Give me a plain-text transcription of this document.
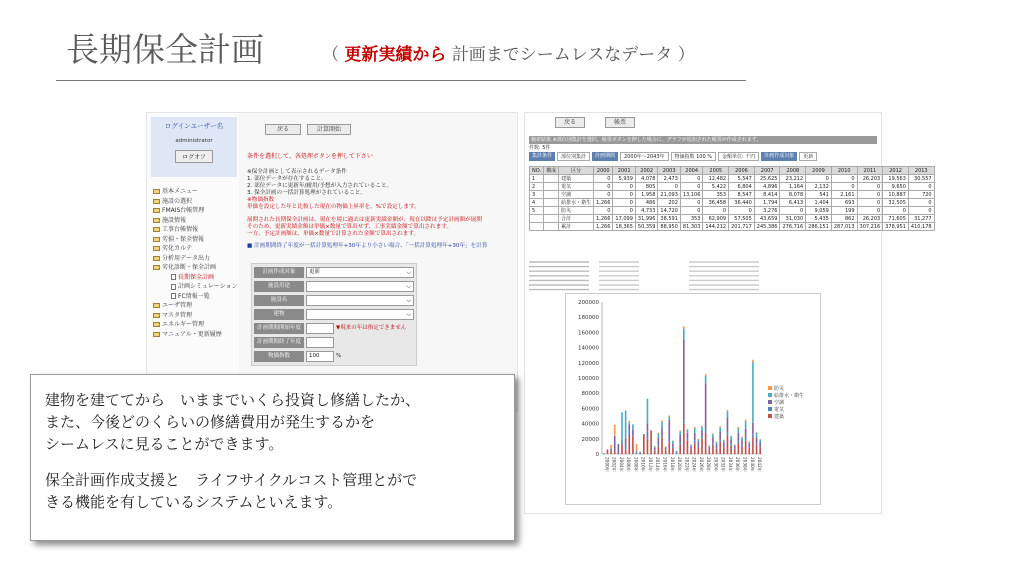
長期保全計画	（ 更新実績から 計画までシームレスなデータ ）
ログインユーザー名
administrator
ログオフ
基本メニュー
施設の選択
FMAIS台帳管理
施設情報
工事台帳情報
劣損・保全情報
劣化カルテ
分析用データ出力
劣化診断・保全計画
長期保全計画
計画シミュレーション
FC情報一覧
ユーザ管理
マスタ管理
エネルギー管理
マニュアル・更新履歴
戻る	計算開始
条件を選択して、各処理ボタンを押して下さい
※保全計画として表示されるデータ条件
1. 部位データが存在すること。
2. 部位データに更新年/耐用/予想が入力されていること。
3. 保全計画の一括計算処理がされていること。
※物価指数
単価を設定した年と比較した現在の物価上昇率を、%で設定します。
展開された長期保全計画は、現在を境に過去は更新実績金額が、現在以降は予定計画額が展開
そのため、更新実績金額は単価×数量で算出せず、工事実績金額で算出されます。
一方、予定計画額は、単価×数量で計算された金額で算出されます。
■ 計画期間終了年度が一括計算処理年+30年より小さい場合、「一括計算処理年+30年」を計算
計画作成対象	更新	⌵
施設用途	⌵
施設名	⌵
建物	⌵
計画期間開始年度	▼現来の年は指定できません
計画期間終了年度
物価指数	100	%
戻る	帳票
検索結果 ※部位別集計を選択、帳票ボタンを押した場合に、グラフが追加された帳票が作成されます。
件数: 5件
集計条件	部位別集計	計画期間	2000年〜2043年	物価指数 100 %	金額単位: 千円	計画作成対象	更新
NO.	構成	区分	2000	2001	2002	2003	2004	2005	2006	2007	2008	2009	2010	2011	2012	2013
1		建築	0	5,939	4,078	2,473	0	12,482	5,547	25,625	23,212	0	0	26,203	19,563	30,557
2		電気	0	0	805	0	0	5,422	6,804	4,896	1,164	2,132	0	0	9,650	0
3		空調	0	0	1,958	21,093	13,106	353	8,547	8,414	8,078	541	2,161	0	10,887	720
4		給排水・衛生	1,266	0	486	202	0	36,458	36,440	1,794	6,413	1,404	693	0	32,505	0
5		防災	0	0	4,733	14,720	0	0	0	3,276	0	9,059	199	0	0	0
		合計	1,266	17,099	31,996	38,591	353	62,909	57,505	43,659	31,030	5,435	862	26,203	71,605	31,277
		累計	1,266	18,365	50,359	88,950	81,303	144,212	201,717	245,386	276,716	286,151	287,013	307,216	378,951	410,178
0
20000
40000
60000
80000
100000
120000
140000
160000
180000
200000
2000年 2002年 2004年 2006年 2008年 2010年 2012年 2014年 2016年 2018年 2020年 2022年 2024年 2026年 2028年 2030年 2032年 2034年 2036年 2038年 2040年 2042年
防災
給排水・衛生
空調
電気
建築
建物を建ててから　いままでいくら投資し修繕したか、
また、今後どのくらいの修繕費用が発生するかを
シームレスに見ることができます。
保全計画作成支援と　ライフサイクルコスト管理とがで
きる機能を有しているシステムといえます。
